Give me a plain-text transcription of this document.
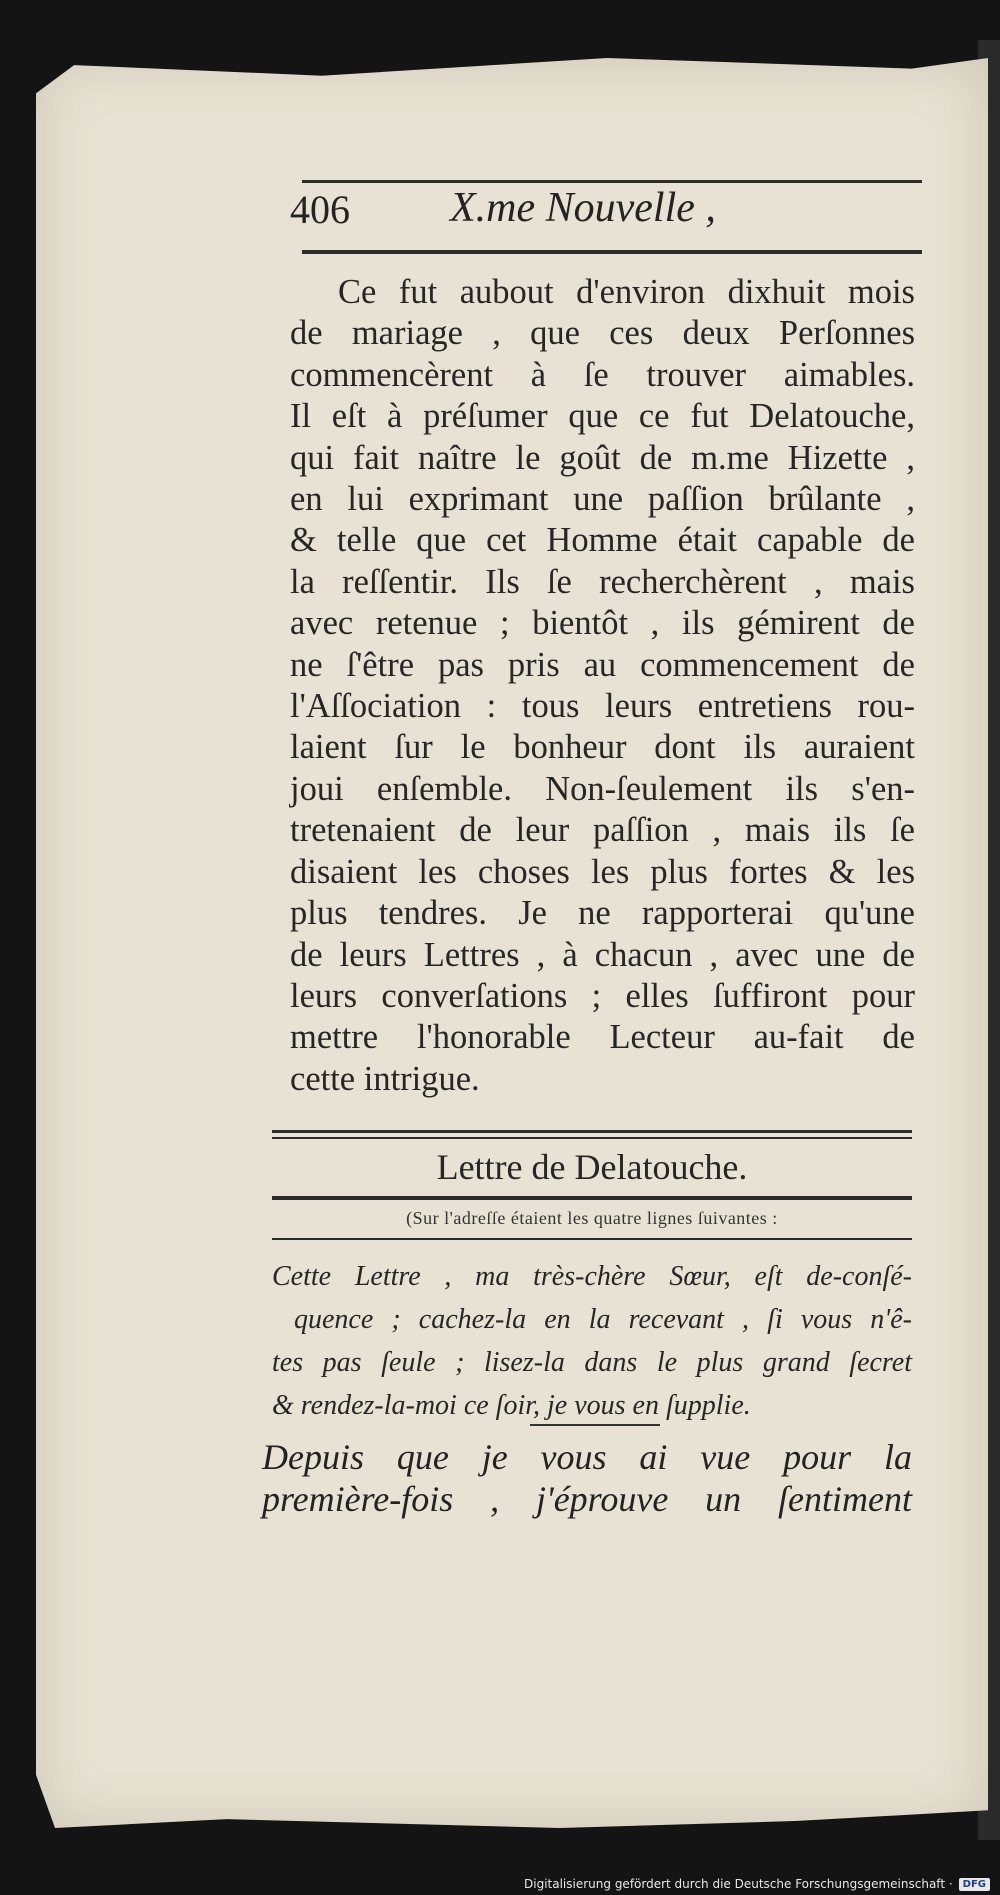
406 X.me Nouvelle ,
Ce fut aubout d'environ dixhuit mois
de mariage , que ces deux Perſonnes
commencèrent à ſe trouver aimables.
Il eſt à préſumer que ce fut Delatouche,
qui fait naître le goût de m.me Hizette ,
en lui exprimant une paſſion brûlante ,
& telle que cet Homme était capable de
la reſſentir. Ils ſe recherchèrent , mais
avec retenue ; bientôt , ils gémirent de
ne ſ'être pas pris au commencement de
l'Aſſociation : tous leurs entretiens rou-
laient ſur le bonheur dont ils auraient
joui enſemble. Non-ſeulement ils s'en-
tretenaient de leur paſſion , mais ils ſe
disaient les choses les plus fortes & les
plus tendres. Je ne rapporterai qu'une
de leurs Lettres , à chacun , avec une de
leurs converſations ; elles ſuffiront pour
mettre l'honorable Lecteur au-fait de
cette intrigue.
Lettre de Delatouche.
(Sur l'adreſſe étaient les quatre lignes ſuivantes :
Cette Lettre , ma très-chère Sœur, eſt de-conſé-
quence ; cachez-la en la recevant , ſi vous n'ê-
tes pas ſeule ; lisez-la dans le plus grand ſecret
& rendez-la-moi ce ſoir, je vous en ſupplie.
Depuis que je vous ai vue pour la
première-fois , j'éprouve un ſentiment
Digitalisierung gefördert durch die Deutsche Forschungsgemeinschaft ·	DFG
